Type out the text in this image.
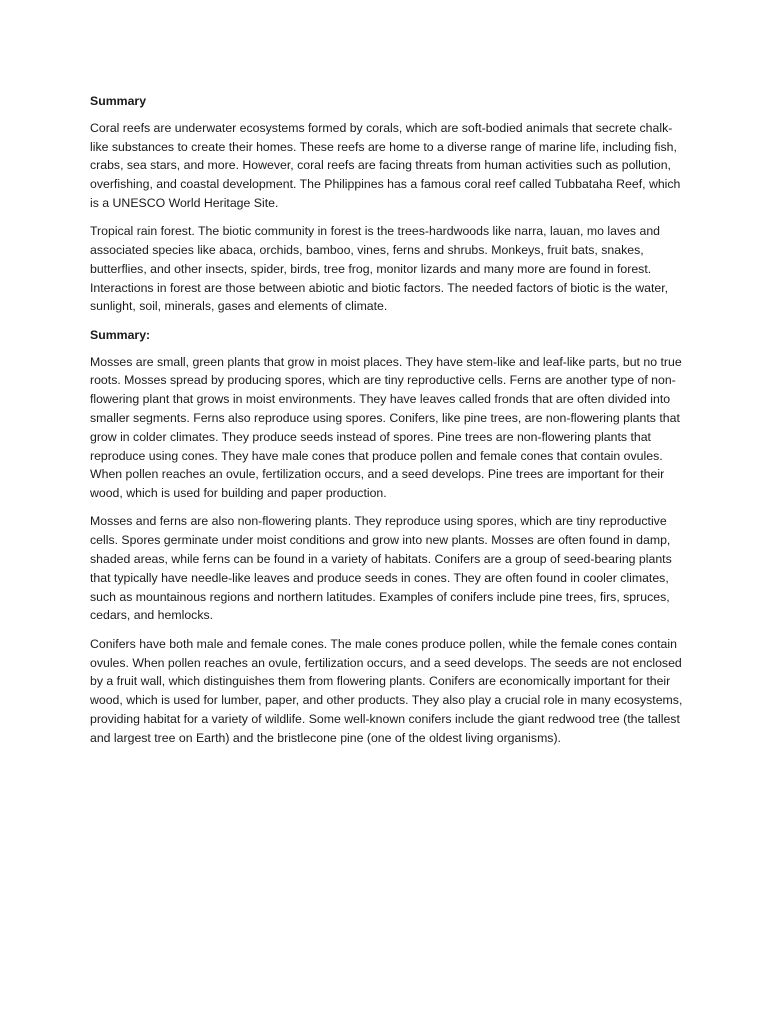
Summary

Coral reefs are underwater ecosystems formed by corals, which are soft-bodied animals that secrete chalk-like substances to create their homes. These reefs are home to a diverse range of marine life, including fish, crabs, sea stars, and more. However, coral reefs are facing threats from human activities such as pollution, overfishing, and coastal development. The Philippines has a famous coral reef called Tubbataha Reef, which is a UNESCO World Heritage Site.

Tropical rain forest. The biotic community in forest is the trees-hardwoods like narra, lauan, mo laves and associated species like abaca, orchids, bamboo, vines, ferns and shrubs. Monkeys, fruit bats, snakes, butterflies, and other insects, spider, birds, tree frog, monitor lizards and many more are found in forest. Interactions in forest are those between abiotic and biotic factors. The needed factors of biotic is the water, sunlight, soil, minerals, gases and elements of climate.

Summary:

Mosses are small, green plants that grow in moist places. They have stem-like and leaf-like parts, but no true roots. Mosses spread by producing spores, which are tiny reproductive cells. Ferns are another type of non-flowering plant that grows in moist environments. They have leaves called fronds that are often divided into smaller segments. Ferns also reproduce using spores. Conifers, like pine trees, are non-flowering plants that grow in colder climates. They produce seeds instead of spores. Pine trees are non-flowering plants that reproduce using cones. They have male cones that produce pollen and female cones that contain ovules. When pollen reaches an ovule, fertilization occurs, and a seed develops. Pine trees are important for their wood, which is used for building and paper production.

Mosses and ferns are also non-flowering plants. They reproduce using spores, which are tiny reproductive cells. Spores germinate under moist conditions and grow into new plants. Mosses are often found in damp, shaded areas, while ferns can be found in a variety of habitats. Conifers are a group of seed-bearing plants that typically have needle-like leaves and produce seeds in cones. They are often found in cooler climates, such as mountainous regions and northern latitudes. Examples of conifers include pine trees, firs, spruces, cedars, and hemlocks.

Conifers have both male and female cones. The male cones produce pollen, while the female cones contain ovules. When pollen reaches an ovule, fertilization occurs, and a seed develops. The seeds are not enclosed by a fruit wall, which distinguishes them from flowering plants. Conifers are economically important for their wood, which is used for lumber, paper, and other products. They also play a crucial role in many ecosystems, providing habitat for a variety of wildlife. Some well-known conifers include the giant redwood tree (the tallest and largest tree on Earth) and the bristlecone pine (one of the oldest living organisms).
